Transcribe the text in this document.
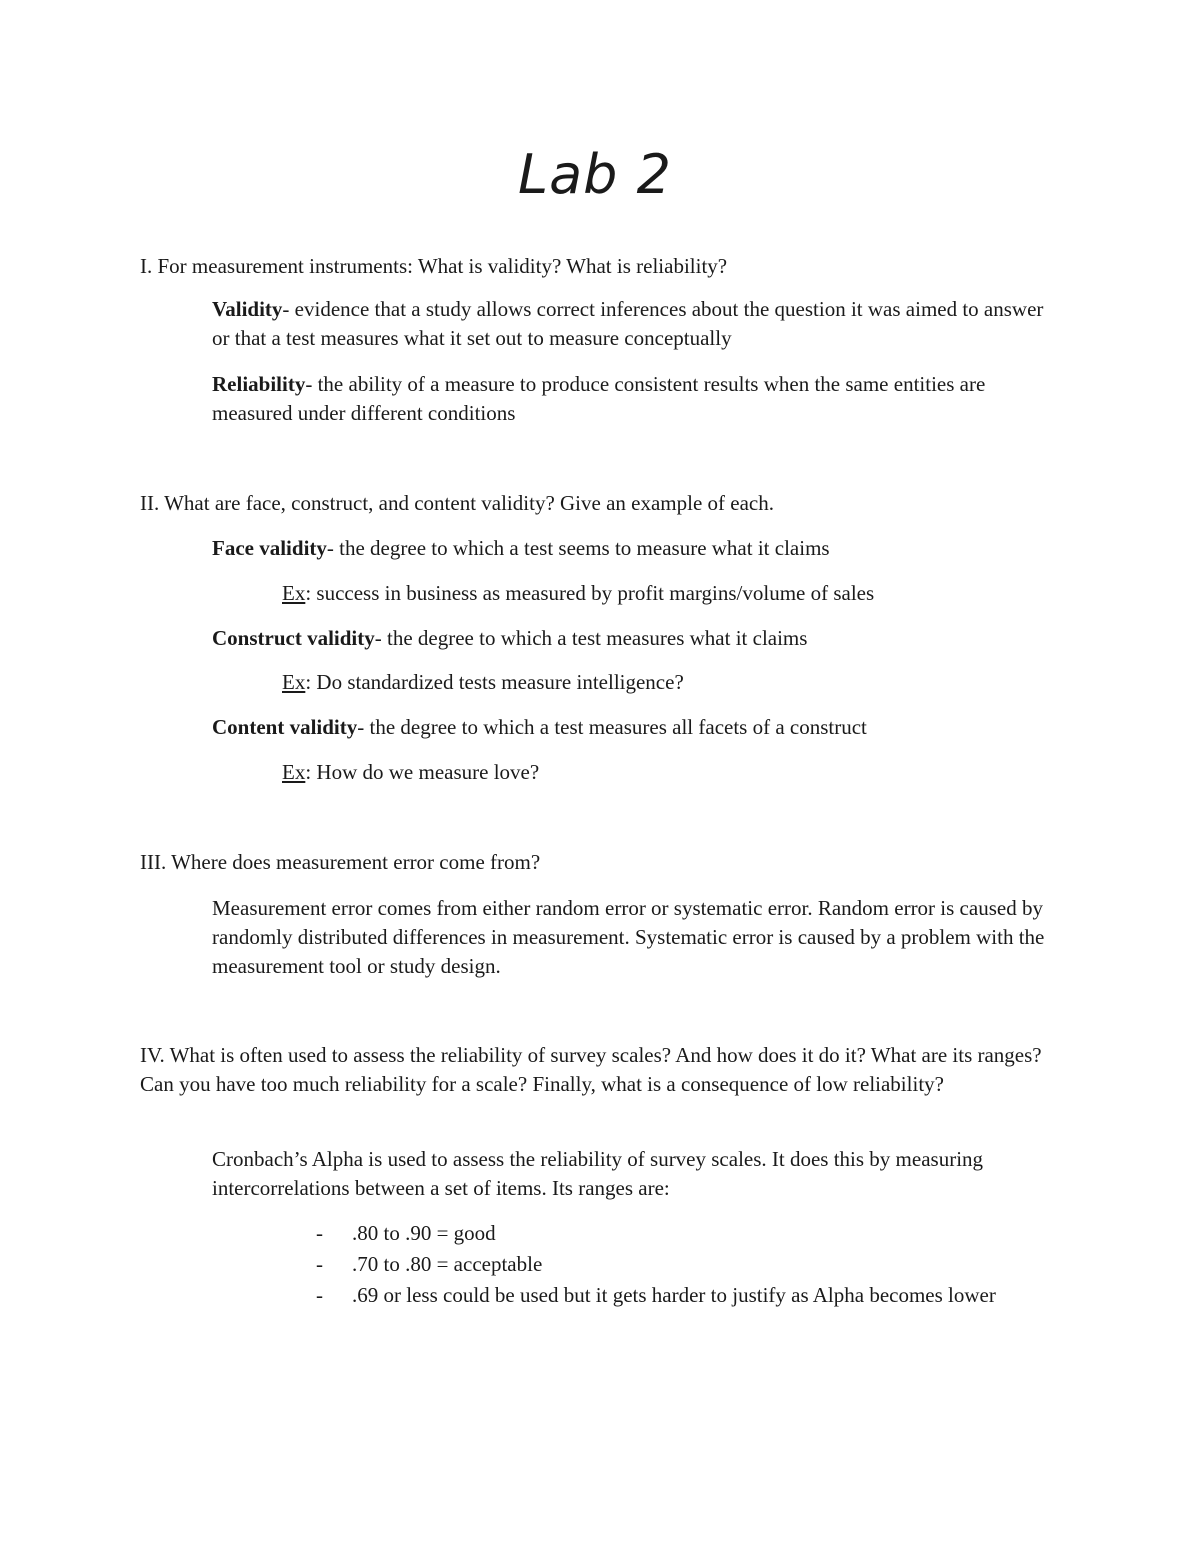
Lab 2

I. For measurement instruments: What is validity? What is reliability?

Validity- evidence that a study allows correct inferences about the question it was aimed to answer or that a test measures what it set out to measure conceptually

Reliability- the ability of a measure to produce consistent results when the same entities are measured under different conditions

II. What are face, construct, and content validity? Give an example of each.

Face validity- the degree to which a test seems to measure what it claims

Ex: success in business as measured by profit margins/volume of sales

Construct validity- the degree to which a test measures what it claims

Ex: Do standardized tests measure intelligence?

Content validity- the degree to which a test measures all facets of a construct

Ex: How do we measure love?

III. Where does measurement error come from?

Measurement error comes from either random error or systematic error. Random error is caused by randomly distributed differences in measurement. Systematic error is caused by a problem with the measurement tool or study design.

IV. What is often used to assess the reliability of survey scales? And how does it do it? What are its ranges? Can you have too much reliability for a scale? Finally, what is a consequence of low reliability?

Cronbach’s Alpha is used to assess the reliability of survey scales. It does this by measuring intercorrelations between a set of items. Its ranges are:

-	.80 to .90 = good
-	.70 to .80 = acceptable
-	.69 or less could be used but it gets harder to justify as Alpha becomes lower
